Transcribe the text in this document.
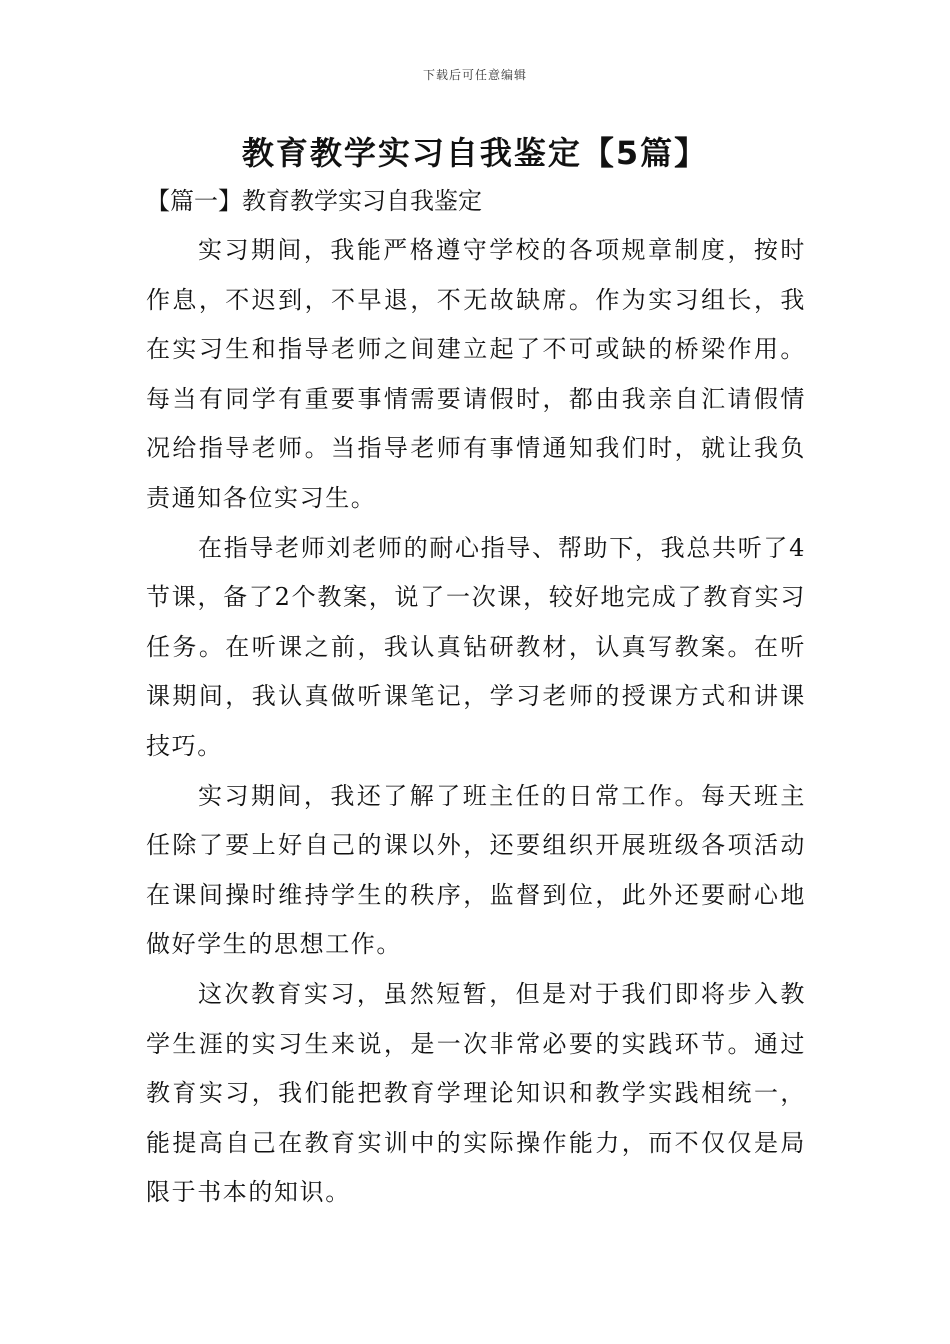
下载后可任意编辑
教育教学实习自我鉴定【5篇】
【篇一】教育教学实习自我鉴定

实习期间，我能严格遵守学校的各项规章制度，按时作息，不迟到，不早退，不无故缺席。作为实习组长，我在实习生和指导老师之间建立起了不可或缺的桥梁作用。每当有同学有重要事情需要请假时，都由我亲自汇请假情况给指导老师。当指导老师有事情通知我们时，就让我负责通知各位实习生。

在指导老师刘老师的耐心指导、帮助下，我总共听了4节课，备了2个教案，说了一次课，较好地完成了教育实习任务。在听课之前，我认真钻研教材，认真写教案。在听课期间，我认真做听课笔记，学习老师的授课方式和讲课技巧。

实习期间，我还了解了班主任的日常工作。每天班主任除了要上好自己的课以外，还要组织开展班级各项活动在课间操时维持学生的秩序，监督到位，此外还要耐心地做好学生的思想工作。

这次教育实习，虽然短暂，但是对于我们即将步入教学生涯的实习生来说，是一次非常必要的实践环节。通过教育实习，我们能把教育学理论知识和教学实践相统一，能提高自己在教育实训中的实际操作能力，而不仅仅是局限于书本的知识。
